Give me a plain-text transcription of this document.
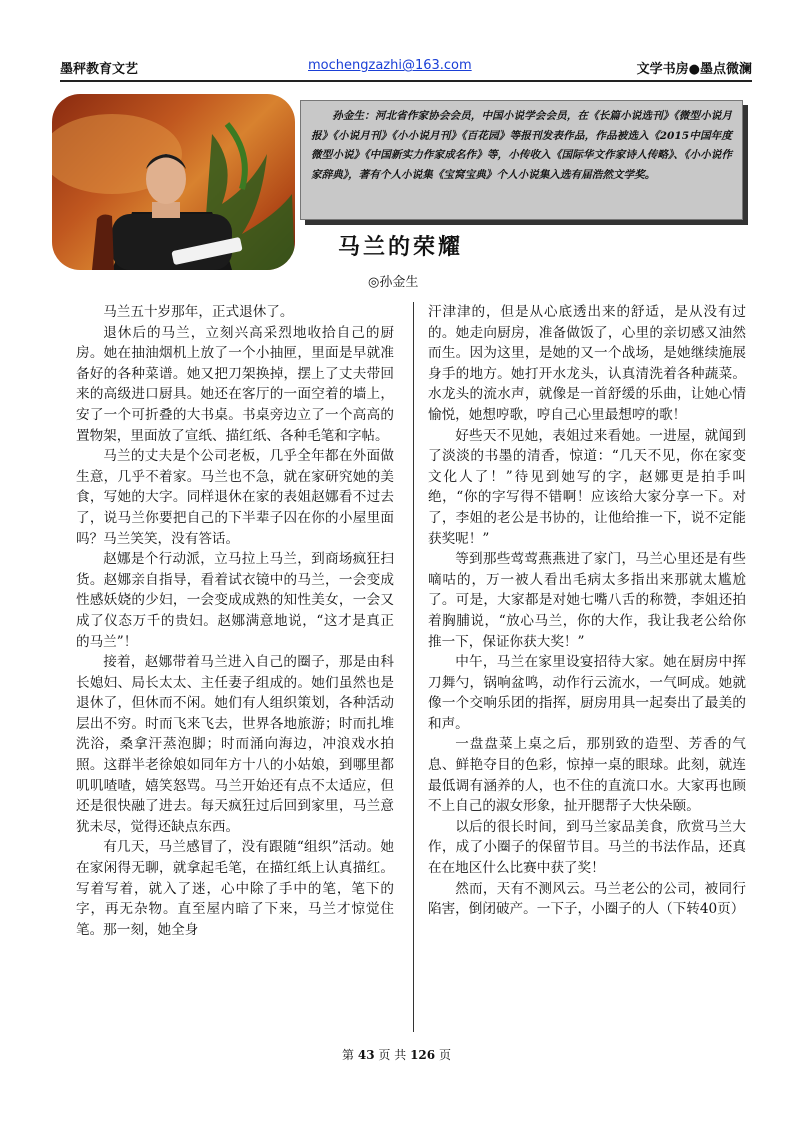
墨秤教育文艺	mochengzazhi@163.com	文学书房●墨点微澜
孙金生：河北省作家协会会员，中国小说学会会员，在《长篇小说选刊》《微型小说月报》《小说月刊》《小小说月刊》《百花园》等报刊发表作品，作品被选入《2015中国年度微型小说》《中国新实力作家成名作》等，小传收入《国际华文作家诗人传略》、《小小说作家辞典》，著有个人小说集《宝窝宝典》个人小说集入选有届浩然文学奖。
马兰的荣耀
◎孙金生

马兰五十岁那年，正式退休了。

退休后的马兰，立刻兴高采烈地收拾自己的厨房。她在抽油烟机上放了一个小抽匣，里面是早就准备好的各种菜谱。她又把刀架换掉，摆上了丈夫带回来的高级进口厨具。她还在客厅的一面空着的墙上，安了一个可折叠的大书桌。书桌旁边立了一个高高的置物架，里面放了宣纸、描红纸、各种毛笔和字帖。

马兰的丈夫是个公司老板，几乎全年都在外面做生意，几乎不着家。马兰也不急，就在家研究她的美食，写她的大字。同样退休在家的表姐赵娜看不过去了，说马兰你要把自己的下半辈子囚在你的小屋里面吗？马兰笑笑，没有答话。

赵娜是个行动派，立马拉上马兰，到商场疯狂扫货。赵娜亲自指导，看着试衣镜中的马兰，一会变成性感妖娆的少妇，一会变成成熟的知性美女，一会又成了仪态万千的贵妇。赵娜满意地说，“这才是真正的马兰”！

接着，赵娜带着马兰进入自己的圈子，那是由科长媳妇、局长太太、主任妻子组成的。她们虽然也是退休了，但休而不闲。她们有人组织策划，各种活动层出不穷。时而飞来飞去，世界各地旅游；时而扎堆洗浴，桑拿汗蒸泡脚；时而涌向海边，冲浪戏水拍照。这群半老徐娘如同年方十八的小姑娘，到哪里都叽叽喳喳，嬉笑怒骂。马兰开始还有点不太适应，但还是很快融了进去。每天疯狂过后回到家里，马兰意犹未尽，觉得还缺点东西。

有几天，马兰感冒了，没有跟随“组织”活动。她在家闲得无聊，就拿起毛笔，在描红纸上认真描红。写着写着，就入了迷，心中除了手中的笔，笔下的字，再无杂物。直至屋内暗了下来，马兰才惊觉住笔。那一刻，她全身

汗津津的，但是从心底透出来的舒适，是从没有过的。她走向厨房，准备做饭了，心里的亲切感又油然而生。因为这里，是她的又一个战场，是她继续施展身手的地方。她打开水龙头，认真清洗着各种蔬菜。水龙头的流水声，就像是一首舒缓的乐曲，让她心情愉悦，她想哼歌，哼自己心里最想哼的歌！

好些天不见她，表姐过来看她。一进屋，就闻到了淡淡的书墨的清香，惊道：“几天不见，你在家变文化人了！”待见到她写的字，赵娜更是拍手叫绝，“你的字写得不错啊！应该给大家分享一下。对了，李姐的老公是书协的，让他给推一下，说不定能获奖呢！”

等到那些莺莺燕燕进了家门，马兰心里还是有些嘀咕的，万一被人看出毛病太多指出来那就太尴尬了。可是，大家都是对她七嘴八舌的称赞，李姐还拍着胸脯说，“放心马兰，你的大作，我让我老公给你推一下，保证你获大奖！”

中午，马兰在家里设宴招待大家。她在厨房中挥刀舞勺，锅响盆鸣，动作行云流水，一气呵成。她就像一个交响乐团的指挥，厨房用具一起奏出了最美的和声。

一盘盘菜上桌之后，那别致的造型、芳香的气息、鲜艳夺目的色彩，惊掉一桌的眼球。此刻，就连最低调有涵养的人，也不住的直流口水。大家再也顾不上自己的淑女形象，扯开腮帮子大快朵颐。

以后的很长时间，到马兰家品美食，欣赏马兰大作，成了小圈子的保留节目。马兰的书法作品，还真在在地区什么比赛中获了奖！

然而，天有不测风云。马兰老公的公司，被同行陷害，倒闭破产。一下子，小圈子的人（下转40页）

第 43 页 共 126 页
